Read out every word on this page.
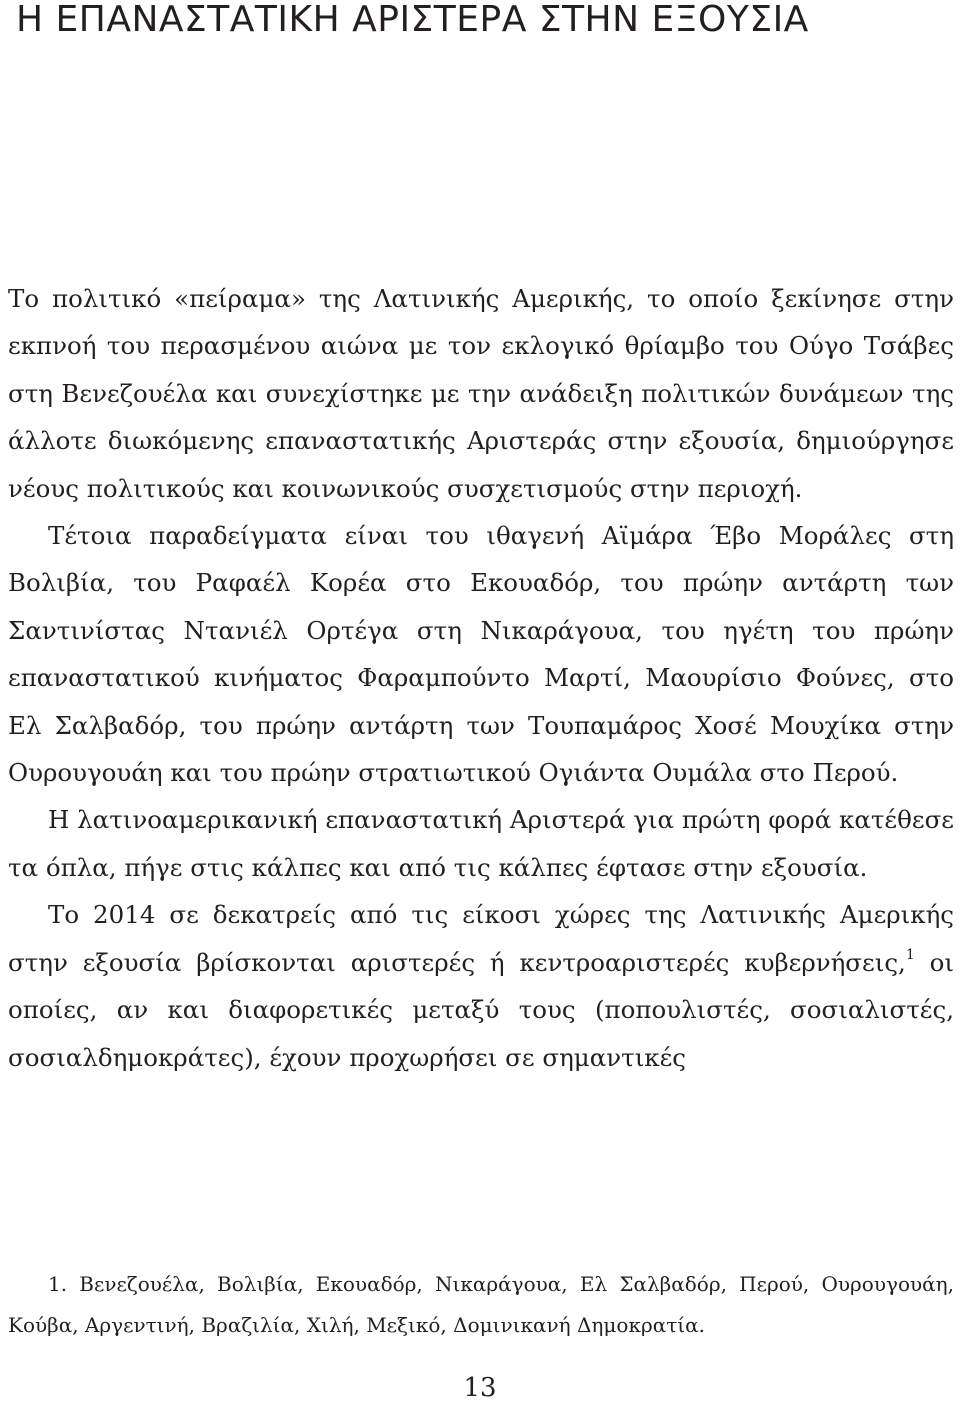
Η ΕΠΑΝΑΣΤΑΤΙΚΗ ΑΡΙΣΤΕΡΑ ΣΤΗΝ ΕΞΟΥΣΙΑ

Το πολιτικό «πείραμα» της Λατινικής Αμερικής, το οποίο ξεκίνησε στην εκπνοή του περασμένου αιώνα με τον εκλογικό θρίαμβο του Ούγο Τσάβες στη Βενεζουέλα και συνεχίστηκε με την ανάδειξη πολιτικών δυνάμεων της άλλοτε διωκόμενης επαναστατικής Αριστεράς στην εξουσία, δημιούργησε νέους πολιτικούς και κοινωνικούς συσχετισμούς στην περιοχή.

Τέτοια παραδείγματα είναι του ιθαγενή Αϊμάρα Έβο Μοράλες στη Βολιβία, του Ραφαέλ Κορέα στο Εκουαδόρ, του πρώην αντάρτη των Σαντινίστας Ντανιέλ Ορτέγα στη Νικαράγουα, του ηγέτη του πρώην επαναστατικού κινήματος Φαραμπούντο Μαρτί, Μαουρίσιο Φούνες, στο Ελ Σαλβαδόρ, του πρώην αντάρτη των Τουπαμάρος Χοσέ Μουχίκα στην Ουρουγουάη και του πρώην στρατιωτικού Ογιάντα Ουμάλα στο Περού.

Η λατινοαμερικανική επαναστατική Αριστερά για πρώτη φορά κατέθεσε τα όπλα, πήγε στις κάλπες και από τις κάλπες έφτασε στην εξουσία.

Το 2014 σε δεκατρείς από τις είκοσι χώρες της Λατινικής Αμερικής στην εξουσία βρίσκονται αριστερές ή κεντροαριστερές κυβερνήσεις,$^1$ οι οποίες, αν και διαφορετικές μεταξύ τους (ποπουλιστές, σοσιαλιστές, σοσιαλδημοκράτες), έχουν προχωρήσει σε σημαντικές

1. Βενεζουέλα, Βολιβία, Εκουαδόρ, Νικαράγουα, Ελ Σαλβαδόρ, Περού, Ουρουγουάη, Κούβα, Αργεντινή, Βραζιλία, Χιλή, Μεξικό, Δομινικανή Δημοκρατία.

13
